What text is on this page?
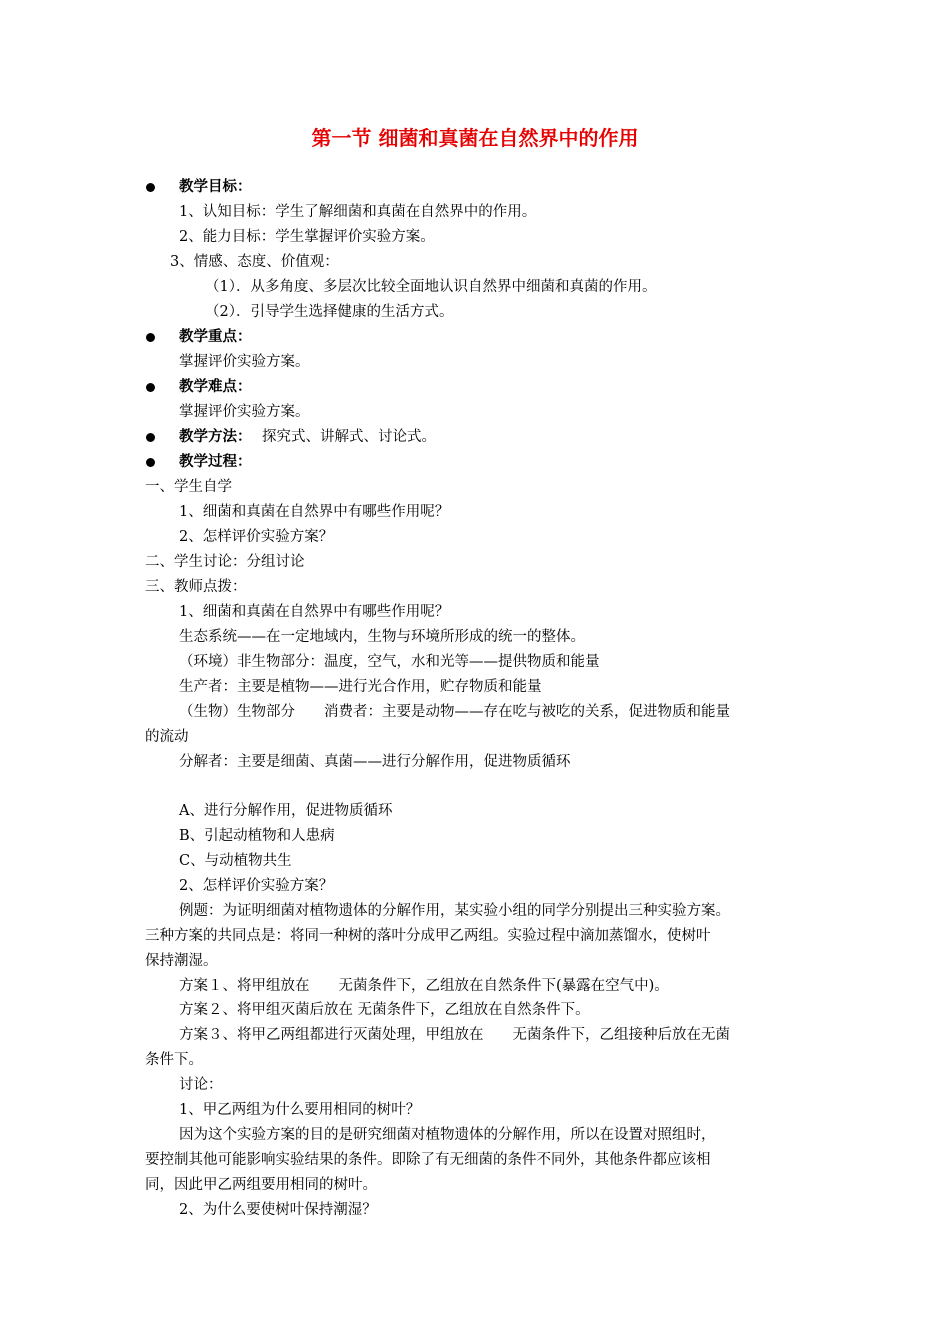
第一节 细菌和真菌在自然界中的作用
教学目标：
1、认知目标：学生了解细菌和真菌在自然界中的作用。
2、能力目标：学生掌握评价实验方案。
3、情感、态度、价值观：
（1）．从多角度、多层次比较全面地认识自然界中细菌和真菌的作用。
（2）．引导学生选择健康的生活方式。
教学重点：
掌握评价实验方案。
教学难点：
掌握评价实验方案。
教学方法： 探究式、讲解式、讨论式。
教学过程：
一、学生自学
1、细菌和真菌在自然界中有哪些作用呢？
2、怎样评价实验方案？
二、学生讨论：分组讨论
三、教师点拨：
1、细菌和真菌在自然界中有哪些作用呢？
生态系统——在一定地域内，生物与环境所形成的统一的整体。
（环境）非生物部分：温度，空气，水和光等——提供物质和能量
生产者：主要是植物——进行光合作用，贮存物质和能量
（生物）生物部分　　消费者：主要是动物——存在吃与被吃的关系，促进物质和能量
的流动
分解者：主要是细菌、真菌——进行分解作用，促进物质循环
A、进行分解作用，促进物质循环
B、引起动植物和人患病
C、与动植物共生
2、怎样评价实验方案？
例题：为证明细菌对植物遗体的分解作用，某实验小组的同学分别提出三种实验方案。
三种方案的共同点是：将同一种树的落叶分成甲乙两组。实验过程中滴加蒸馏水，使树叶
保持潮湿。
方案１、将甲组放在　　无菌条件下，乙组放在自然条件下(暴露在空气中)。
方案２、将甲组灭菌后放在 无菌条件下，乙组放在自然条件下。
方案３、将甲乙两组都进行灭菌处理，甲组放在　　无菌条件下，乙组接种后放在无菌
条件下。
讨论：
1、甲乙两组为什么要用相同的树叶？
因为这个实验方案的目的是研究细菌对植物遗体的分解作用，所以在设置对照组时，
要控制其他可能影响实验结果的条件。即除了有无细菌的条件不同外，其他条件都应该相
同，因此甲乙两组要用相同的树叶。
2、为什么要使树叶保持潮湿？
